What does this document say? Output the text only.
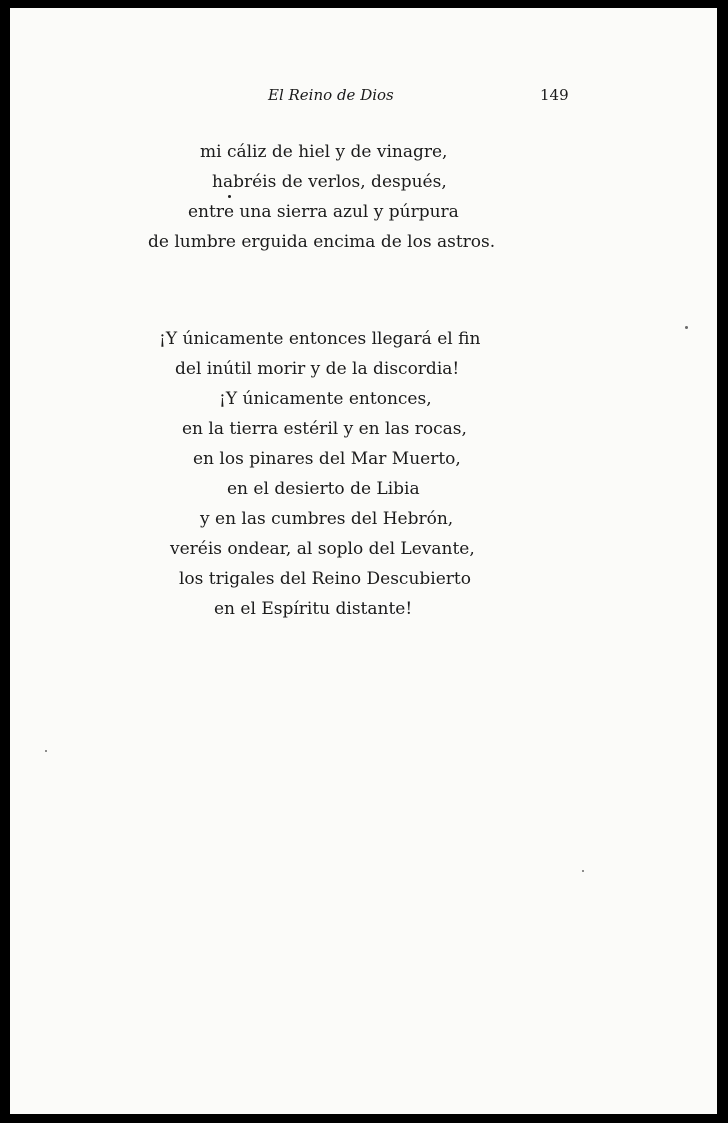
El Reino de Dios	149
mi cáliz de hiel y de vinagre,
habréis de verlos, después,
entre una sierra azul y púrpura
de lumbre erguida encima de los astros.
¡Y únicamente entonces llegará el fin
del inútil morir y de la discordia!
¡Y únicamente entonces,
en la tierra estéril y en las rocas,
en los pinares del Mar Muerto,
en el desierto de Libia
y en las cumbres del Hebrón,
veréis ondear, al soplo del Levante,
los trigales del Reino Descubierto
en el Espíritu distante!
